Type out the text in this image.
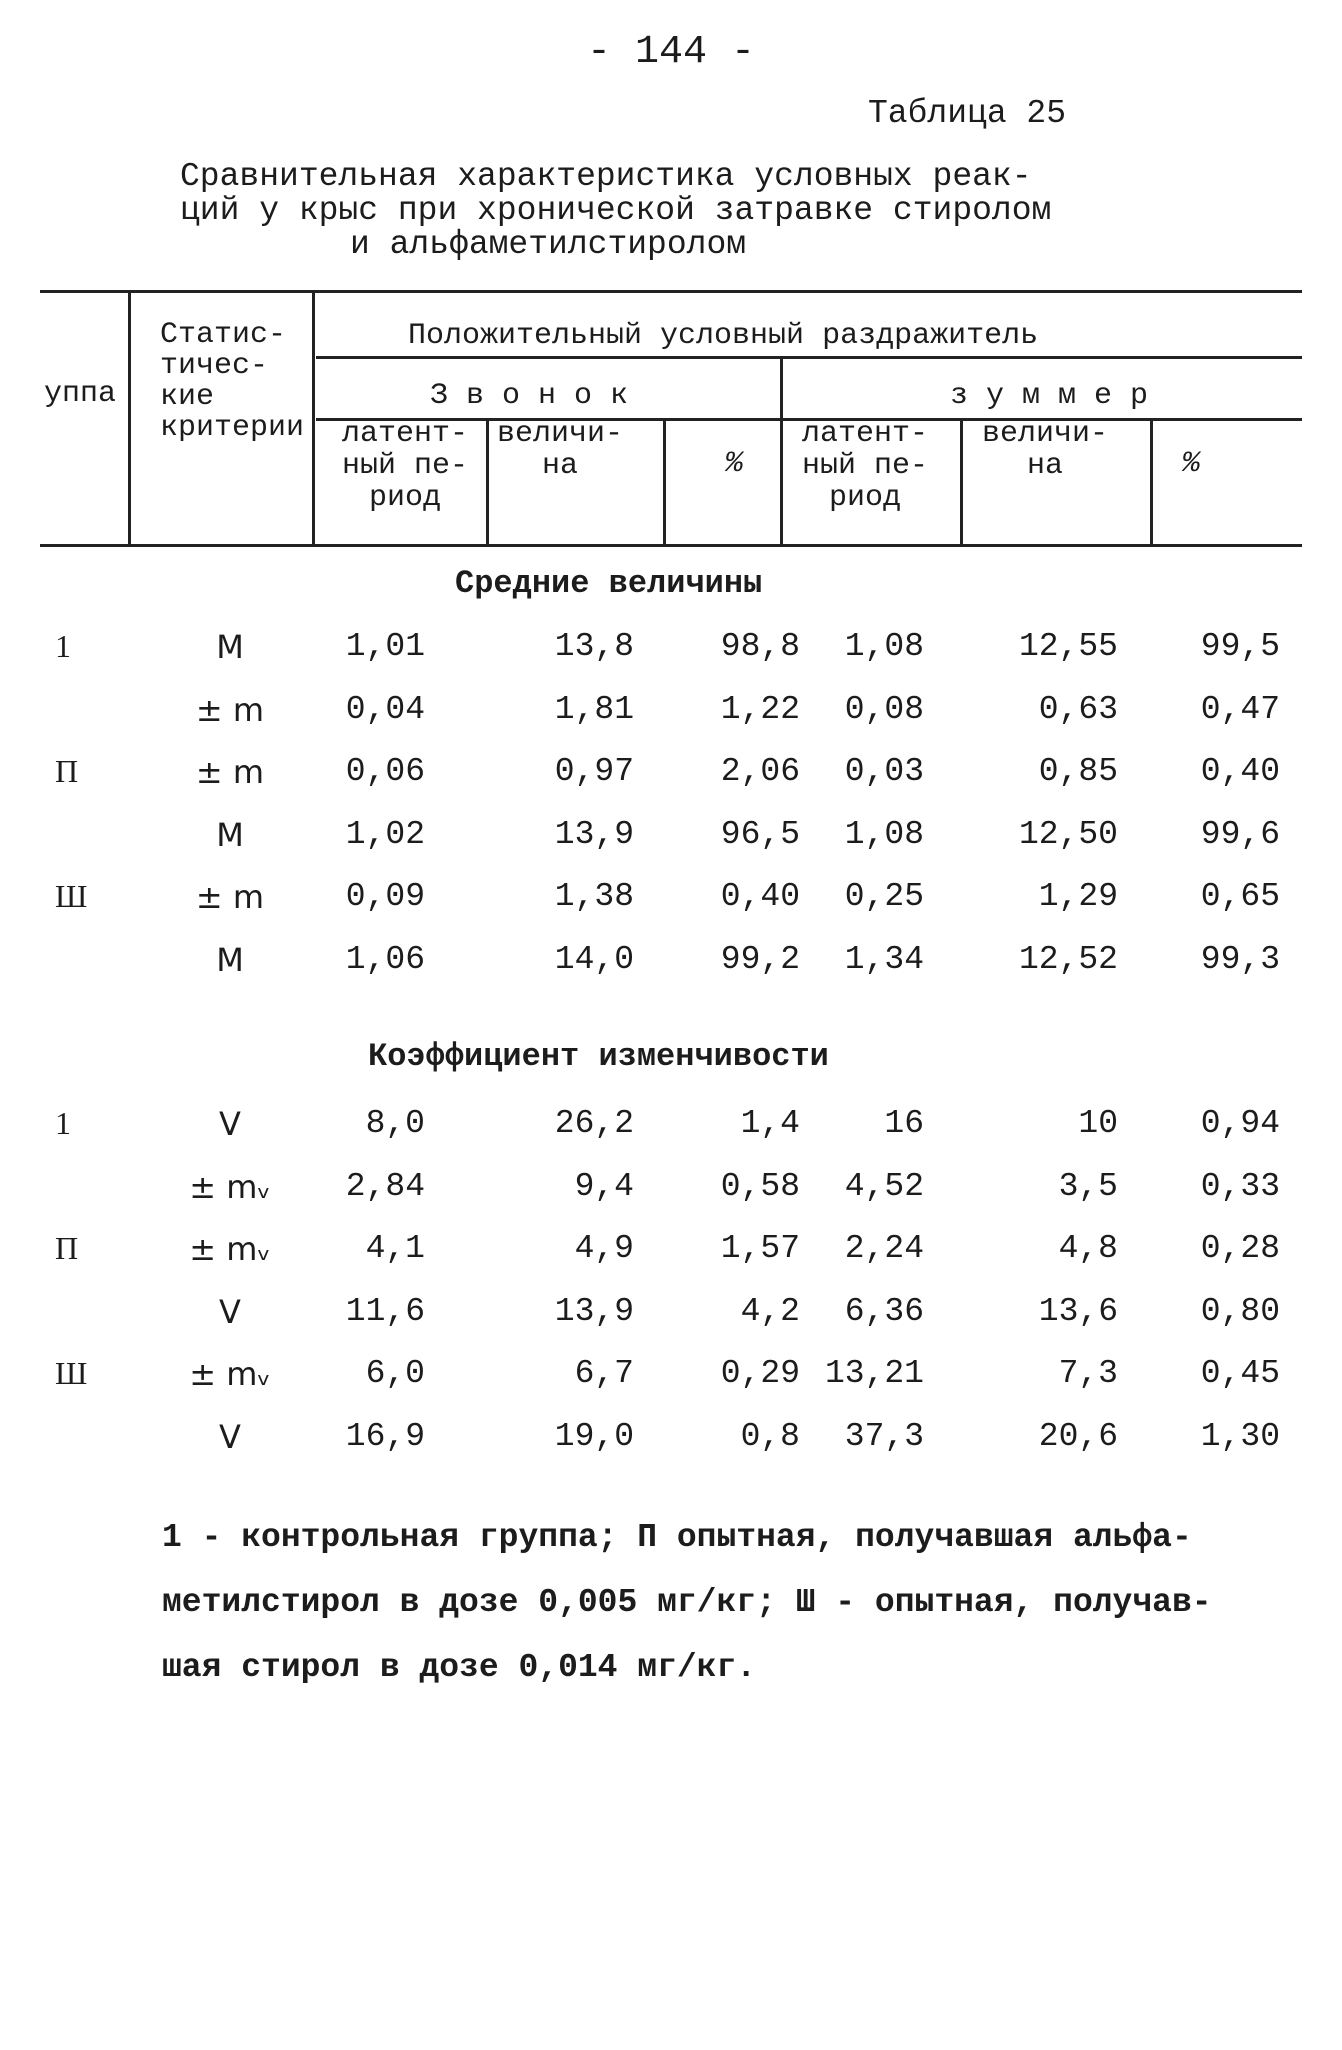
- 144 -
Таблица 25
Сравнительная характеристика условных реак-
ций у крыс при хронической затравке стиролом
и альфаметилстиролом
уппа
Статис-
тичес-
кие
критерии
Положительный условный раздражитель
З в о н о к	з у м м е р
латент-
ный пе-
риод
величи-
на	%
латент-
ный пе-
риод
величи-
на	%
Средние величины
Коэффициент изменчивости
1	М	1,01	13,8	98,8	1,08	12,55	99,5
± m	0,04	1,81	1,22	0,08	0,63	0,47
П	± m	0,06	0,97	2,06	0,03	0,85	0,40
М	1,02	13,9	96,5	1,08	12,50	99,6
Ш	± m	0,09	1,38	0,40	0,25	1,29	0,65
М	1,06	14,0	99,2	1,34	12,52	99,3
1	V	8,0	26,2	1,4	16	10	0,94
± mᵥ	2,84	9,4	0,58	4,52	3,5	0,33
П	± mᵥ	4,1	4,9	1,57	2,24	4,8	0,28
V	11,6	13,9	4,2	6,36	13,6	0,80
Ш	± mᵥ	6,0	6,7	0,29 13,21	7,3	0,45
V	16,9	19,0	0,8	37,3	20,6	1,30
1 - контрольная группа; П опытная, получавшая альфа-
метилстирол в дозе 0,005 мг/кг; Ш - опытная, получав-
шая стирол в дозе 0,014 мг/кг.
